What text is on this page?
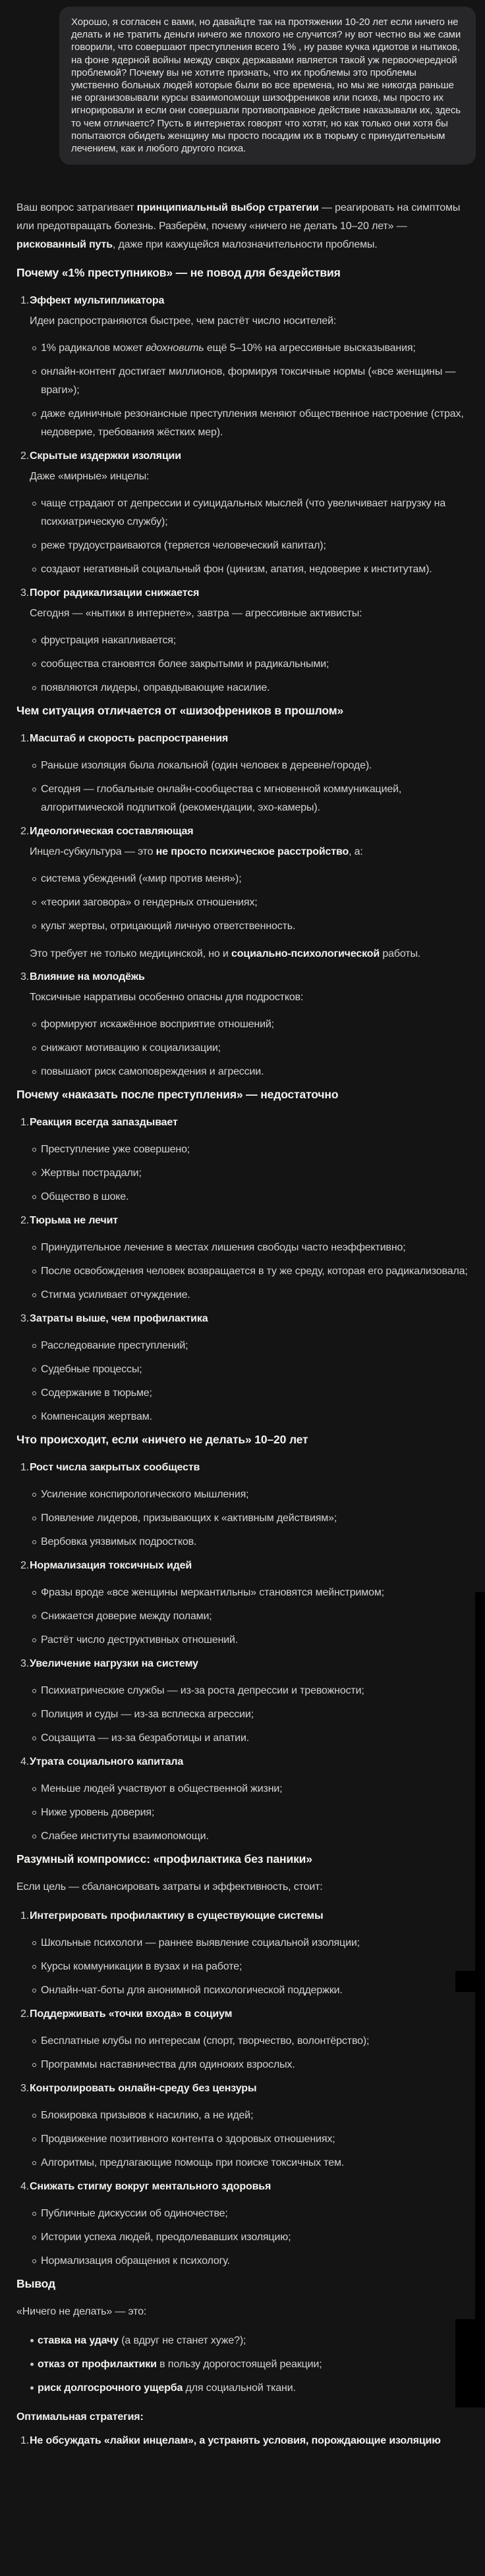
Хорошо, я согласен с вами, но давайцте так на протяжении 10-20 лет если ничего не делать и не тратить деньги ничего же плохого не случится? ну вот честно вы же сами говорили, что совершают преступления всего 1% , ну разве кучка идиотов и нытиков, на фоне ядерной войны между свкрх державами является такой уж первоочередной проблемой? Почему вы не хотите признать, что их проблемы это проблемы умственно больных людей которые были во все времена, но мы же никогда раньше не организовывали курсы взаимопомощи шизофреников или психв, мы просто их игнорировали и если они совершали противоправное действие наказывали их, здесь то чем отличаетс? Пусть в интернетах говорят что хотят, но как только они хотя бы попытаются обидеть женщину мы просто посадим их в тюрьму с принудительным лечением, как и любого другого психа.

Ваш вопрос затрагивает принципиальный выбор стратегии — реагировать на симптомы или предотвращать болезнь. Разберём, почему «ничего не делать 10–20 лет» — рискованный путь, даже при кажущейся малозначительности проблемы.

Почему «1% преступников» — не повод для бездействия
Эффект мультипликатора
Идеи распространяются быстрее, чем растёт число носителей:
1% радикалов может вдохновить ещё 5–10% на агрессивные высказывания;
онлайн-контент достигает миллионов, формируя токсичные нормы («все женщины — враги»);
даже единичные резонансные преступления меняют общественное настроение (страх, недоверие, требования жёстких мер).
Скрытые издержки изоляции
Даже «мирные» инцелы:
чаще страдают от депрессии и суицидальных мыслей (что увеличивает нагрузку на психиатрическую службу);
реже трудоустраиваются (теряется человеческий капитал);
создают негативный социальный фон (цинизм, апатия, недоверие к институтам).
Порог радикализации снижается
Сегодня — «нытики в интернете», завтра — агрессивные активисты:
фрустрация накапливается;
сообщества становятся более закрытыми и радикальными;
появляются лидеры, оправдывающие насилие.
Чем ситуация отличается от «шизофреников в прошлом»
Масштаб и скорость распространения
Раньше изоляция была локальной (один человек в деревне/городе).
Сегодня — глобальные онлайн-сообщества с мгновенной коммуникацией, алгоритмической подпиткой (рекомендации, эхо-камеры).
Идеологическая составляющая
Инцел-субкультура — это не просто психическое расстройство, а:
система убеждений («мир против меня»);
«теории заговора» о гендерных отношениях;
культ жертвы, отрицающий личную ответственность.
Это требует не только медицинской, но и социально-психологической работы.
Влияние на молодёжь
Токсичные нарративы особенно опасны для подростков:
формируют искажённое восприятие отношений;
снижают мотивацию к социализации;
повышают риск самоповреждения и агрессии.
Почему «наказать после преступления» — недостаточно
Реакция всегда запаздывает
Преступление уже совершено;
Жертвы пострадали;
Общество в шоке.
Тюрьма не лечит
Принудительное лечение в местах лишения свободы часто неэффективно;
После освобождения человек возвращается в ту же среду, которая его радикализовала;
Стигма усиливает отчуждение.
Затраты выше, чем профилактика
Расследование преступлений;
Судебные процессы;
Содержание в тюрьме;
Компенсация жертвам.
Что происходит, если «ничего не делать» 10–20 лет
Рост числа закрытых сообществ
Усиление конспирологического мышления;
Появление лидеров, призывающих к «активным действиям»;
Вербовка уязвимых подростков.
Нормализация токсичных идей
Фразы вроде «все женщины меркантильны» становятся мейнстримом;
Снижается доверие между полами;
Растёт число деструктивных отношений.
Увеличение нагрузки на систему
Психиатрические службы — из-за роста депрессии и тревожности;
Полиция и суды — из-за всплеска агрессии;
Соцзащита — из-за безработицы и апатии.
Утрата социального капитала
Меньше людей участвуют в общественной жизни;
Ниже уровень доверия;
Слабее институты взаимопомощи.
Разумный компромисс: «профилактика без паники»

Если цель — сбалансировать затраты и эффективность, стоит:

Интегрировать профилактику в существующие системы
Школьные психологи — раннее выявление социальной изоляции;
Курсы коммуникации в вузах и на работе;
Онлайн-чат-боты для анонимной психологической поддержки.
Поддерживать «точки входа» в социум
Бесплатные клубы по интересам (спорт, творчество, волонтёрство);
Программы наставничества для одиноких взрослых.
Контролировать онлайн-среду без цензуры
Блокировка призывов к насилию, а не идей;
Продвижение позитивного контента о здоровых отношениях;
Алгоритмы, предлагающие помощь при поиске токсичных тем.
Снижать стигму вокруг ментального здоровья
Публичные дискуссии об одиночестве;
Истории успеха людей, преодолевавших изоляцию;
Нормализация обращения к психологу.
Вывод

«Ничего не делать» — это:

ставка на удачу (а вдруг не станет хуже?);
отказ от профилактики в пользу дорогостоящей реакции;
риск долгосрочного ущерба для социальной ткани.
Оптимальная стратегия:
Не обсуждать «лайки инцелам», а устранять условия, порождающие изоляцию
